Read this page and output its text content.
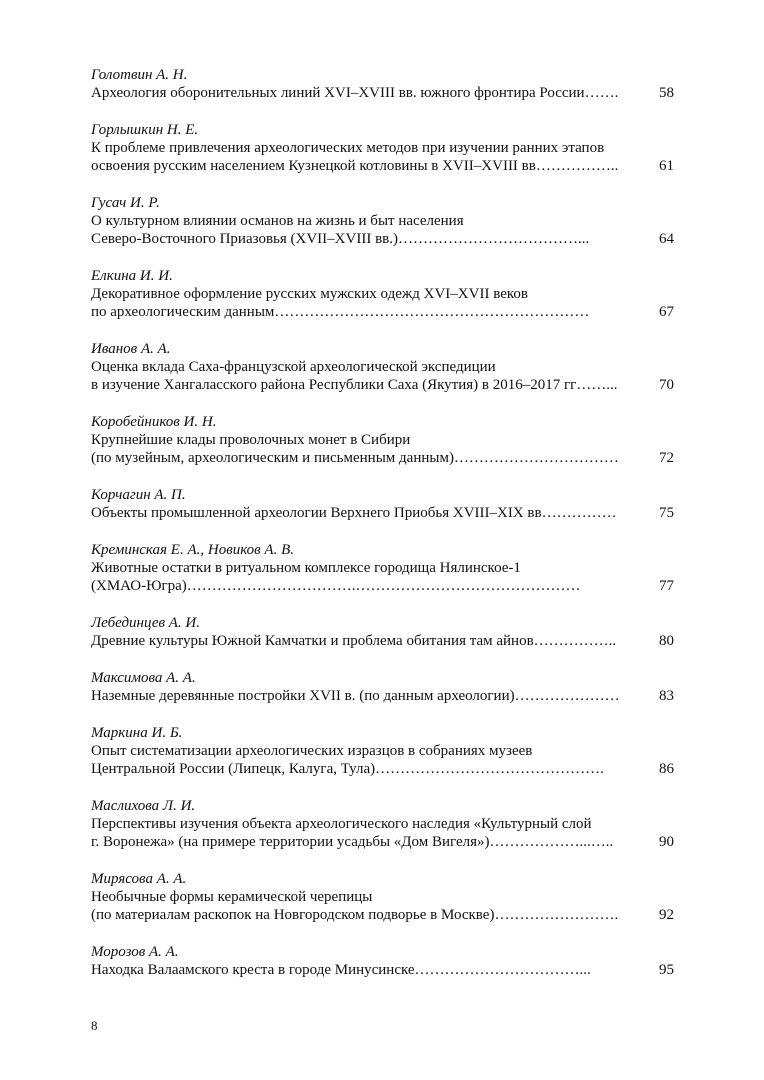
Голотвин А. Н.
Археология оборонительных линий XVI–XVIII вв. южного фронтира России…….	58
Горлышкин Н. Е.
К проблеме привлечения археологических методов при изучении ранних этапов
освоения русским населением Кузнецкой котловины в XVII–XVIII вв……………..	61
Гусач И. Р.
О культурном влиянии османов на жизнь и быт населения
Северо-Восточного Приазовья (XVII–XVIII вв.)………………………………...	64
Елкина И. И.
Декоративное оформление русских мужских одежд XVI–XVII веков
по археологическим данным………………………………………………………	67
Иванов А. А.
Оценка вклада Саха-французской археологической экспедиции
в изучение Хангаласского района Республики Саха (Якутия) в 2016–2017 гг……...	70
Коробейников И. Н.
Крупнейшие клады проволочных монет в Сибири
(по музейным, археологическим и письменным данным)……………………………	72
Корчагин А. П.
Объекты промышленной археологии Верхнего Приобья XVIII–XIX вв……………	75
Креминская Е. А., Новиков А. В.
Животные остатки в ритуальном комплексе городища Нялинское-1
(ХМАО-Югра)…………………………….………………………………………	77
Лебединцев А. И.
Древние культуры Южной Камчатки и проблема обитания там айнов……………..	80
Максимова А. А.
Наземные деревянные постройки XVII в. (по данным археологии)…………………	83
Маркина И. Б.
Опыт систематизации археологических изразцов в собраниях музеев
Центральной России (Липецк, Калуга, Тула)……………………………………….	86
Маслихова Л. И.
Перспективы изучения объекта археологического наследия «Культурный слой
г. Воронежа» (на примере территории усадьбы «Дом Вигеля»)………………...…..	90
Мирясова А. А.
Необычные формы керамической черепицы
(по материалам раскопок на Новгородском подворье в Москве)…………………….	92
Морозов А. А.
Находка Валаамского креста в городе Минусинске……………………………...	95
8
